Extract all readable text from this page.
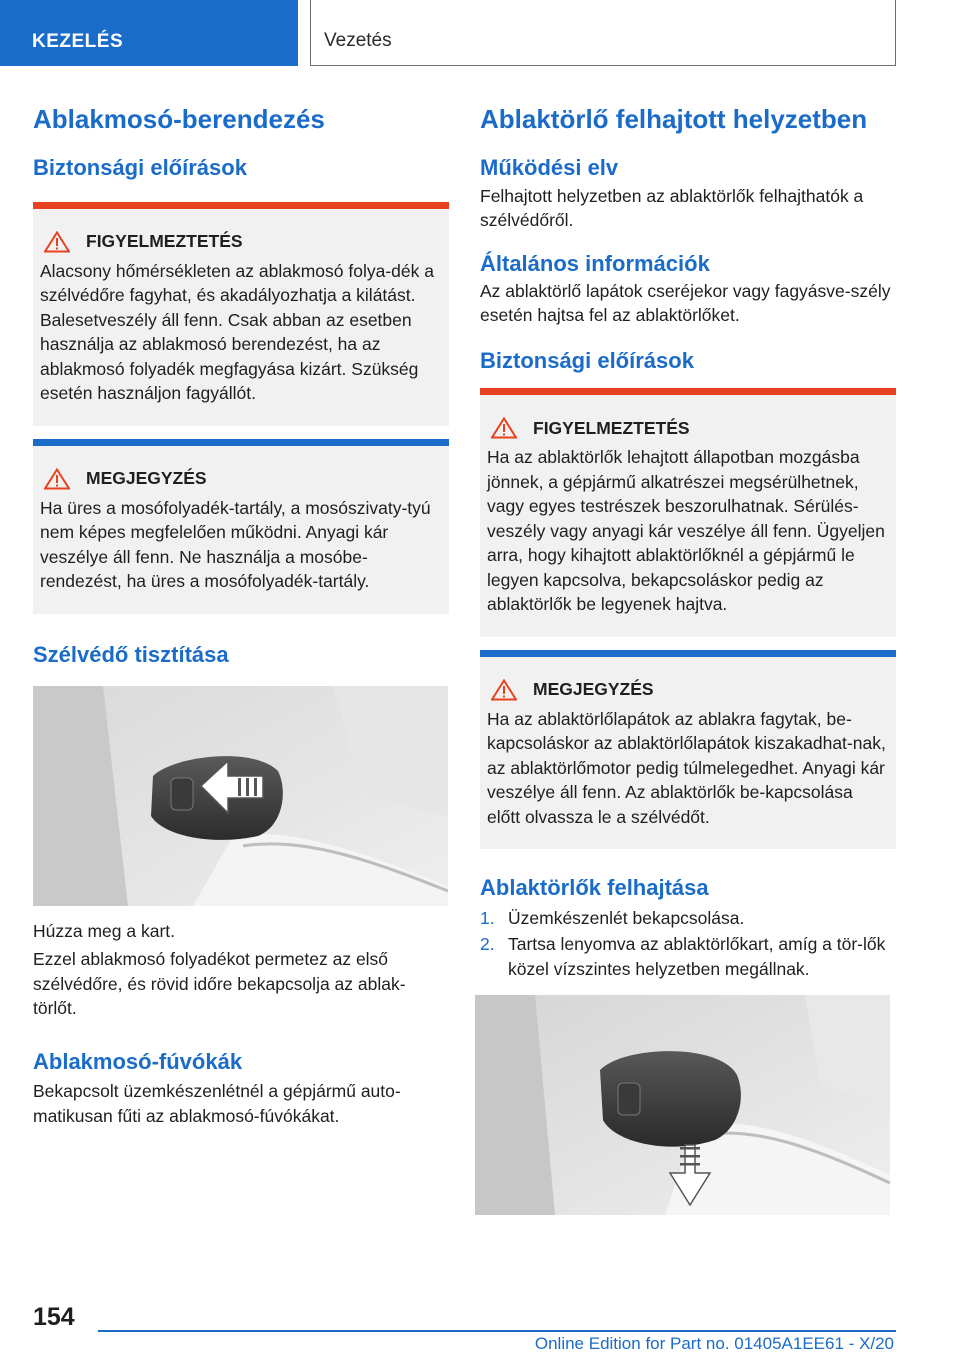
KEZELÉS	Vezetés
Ablakmosó-berendezés
Biztonsági előírások
FIGYELMEZTETÉS

Alacsony hőmérsékleten az ablakmosó folya-dék a szélvédőre fagyhat, és akadályozhatja a kilátást. Balesetveszély áll fenn. Csak abban az esetben használja az ablakmosó berendezést, ha az ablakmosó folyadék megfagyása kizárt. Szükség esetén használjon fagyállót.

MEGJEGYZÉS

Ha üres a mosófolyadék-tartály, a mosószivaty-tyú nem képes megfelelően működni. Anyagi kár veszélye áll fenn. Ne használja a mosóbe-rendezést, ha üres a mosófolyadék-tartály.

Szélvédő tisztítása

Húzza meg a kart.

Ezzel ablakmosó folyadékot permetez az első szélvédőre, és rövid időre bekapcsolja az ablak-törlőt.

Ablakmosó-fúvókák

Bekapcsolt üzemkészenlétnél a gépjármű auto-matikusan fűti az ablakmosó-fúvókákat.

Ablaktörlő felhajtott helyzetben
Működési elv

Felhajtott helyzetben az ablaktörlők felhajthatók a szélvédőről.

Általános információk

Az ablaktörlő lapátok cseréjekor vagy fagyásve-szély esetén hajtsa fel az ablaktörlőket.

Biztonsági előírások
FIGYELMEZTETÉS

Ha az ablaktörlők lehajtott állapotban mozgásba jönnek, a gépjármű alkatrészei megsérülhetnek, vagy egyes testrészek beszorulhatnak. Sérülés-veszély vagy anyagi kár veszélye áll fenn. Ügyeljen arra, hogy kihajtott ablaktörlőknél a gépjármű le legyen kapcsolva, bekapcsoláskor pedig az ablaktörlők be legyenek hajtva.

MEGJEGYZÉS

Ha az ablaktörlőlapátok az ablakra fagytak, be-kapcsoláskor az ablaktörlőlapátok kiszakadhat-nak, az ablaktörlőmotor pedig túlmelegedhet. Anyagi kár veszélye áll fenn. Az ablaktörlők be-kapcsolása előtt olvassza le a szélvédőt.

Ablaktörlők felhajtása
1. Üzemkészenlét bekapcsolása.
2. Tartsa lenyomva az ablaktörlőkart, amíg a tör-lők közel vízszintes helyzetben megállnak.
154
Online Edition for Part no. 01405A1EE61 - X/20
